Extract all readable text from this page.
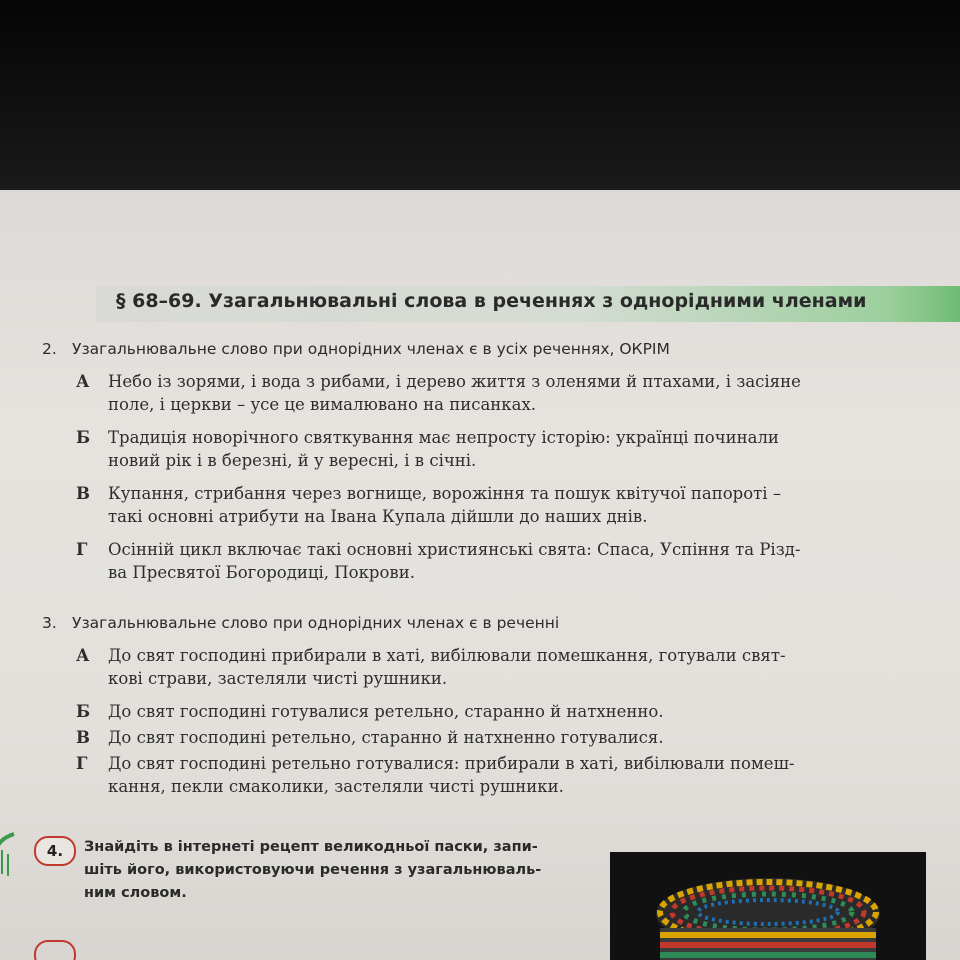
§ 68–69. Узагальнювальні слова в реченнях з однорідними членами
2. Узагальнювальне слово при однорідних членах є в усіх реченнях, ОКРІМ
А	Небо із зорями, і вода з рибами, і дерево життя з оленями й птахами, і засіяне
поле, і церкви – усе це вималювано на писанках.
Б	Традиція новорічного святкування має непросту історію: українці починали
новий рік і в березні, й у вересні, і в січні.
В	Купання, стрибання через вогнище, ворожіння та пошук квітучої папороті –
такі основні атрибути на Івана Купала дійшли до наших днів.
Г	Осінній цикл включає такі основні християнські свята: Спаса, Успіння та Різд-
ва Пресвятої Богородиці, Покрови.
3. Узагальнювальне слово при однорідних членах є в реченні
А	До свят господині прибирали в хаті, вибілювали помешкання, готували свят-
кові страви, застеляли чисті рушники.
Б	До свят господині готувалися ретельно, старанно й натхненно.
В	До свят господині ретельно, старанно й натхненно готувалися.
Г	До свят господині ретельно готувалися: прибирали в хаті, вибілювали помеш-
кання, пекли смаколики, застеляли чисті рушники.
4.	Знайдіть в інтернеті рецепт великодньої паски, запи-
шіть його, використовуючи речення з узагальнюваль-
ним словом.
